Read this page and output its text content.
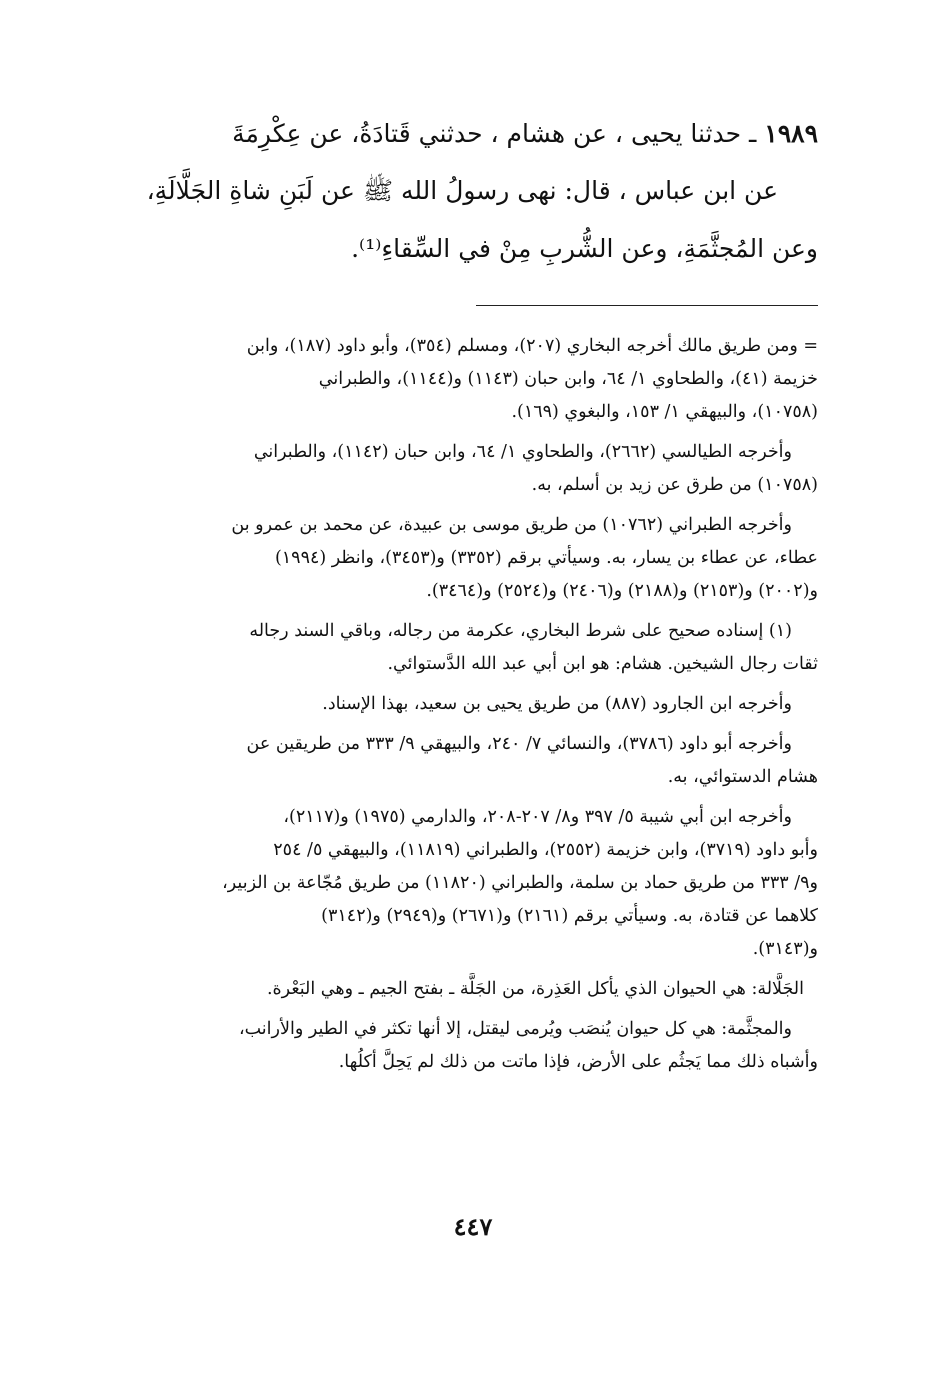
١٩٨٩ ـ حدثنا يحيى ، عن هشام ، حدثني قَتادَةُ، عن عِكْرِمَةَ

عن ابن عباس ، قال: نهى رسولُ الله ﷺ عن لَبَنِ شاةِ الجَلَّالَةِ،

وعن المُجثَّمَةِ، وعن الشُّربِ مِنْ في السِّقاءِ⁽¹⁾.

= ومن طريق مالك أخرجه البخاري (٢٠٧)، ومسلم (٣٥٤)، وأبو داود (١٨٧)، وابن

خزيمة (٤١)، والطحاوي ١/ ٦٤، وابن حبان (١١٤٣) و(١١٤٤)، والطبراني

(١٠٧٥٨)، والبيهقي ١/ ١٥٣، والبغوي (١٦٩).

وأخرجه الطيالسي (٢٦٦٢)، والطحاوي ١/ ٦٤، وابن حبان (١١٤٢)، والطبراني

(١٠٧٥٨) من طرق عن زيد بن أسلم، به.

وأخرجه الطبراني (١٠٧٦٢) من طريق موسى بن عبيدة، عن محمد بن عمرو بن

عطاء، عن عطاء بن يسار، به. وسيأتي برقم (٣٣٥٢) و(٣٤٥٣)، وانظر (١٩٩٤)

و(٢٠٠٢) و(٢١٥٣) و(٢١٨٨) و(٢٤٠٦) و(٢٥٢٤) و(٣٤٦٤).

(١) إسناده صحيح على شرط البخاري، عكرمة من رجاله، وباقي السند رجاله

ثقات رجال الشيخين. هشام: هو ابن أبي عبد الله الدَّستوائي.

وأخرجه ابن الجارود (٨٨٧) من طريق يحيى بن سعيد، بهذا الإسناد.

وأخرجه أبو داود (٣٧٨٦)، والنسائي ٧/ ٢٤٠، والبيهقي ٩/ ٣٣٣ من طريقين عن

هشام الدستوائي، به.

وأخرجه ابن أبي شيبة ٥/ ٣٩٧ و٨/ ٢٠٧-٢٠٨، والدارمي (١٩٧٥) و(٢١١٧)،

وأبو داود (٣٧١٩)، وابن خزيمة (٢٥٥٢)، والطبراني (١١٨١٩)، والبيهقي ٥/ ٢٥٤

و٩/ ٣٣٣ من طريق حماد بن سلمة، والطبراني (١١٨٢٠) من طريق مُجّاعة بن الزبير،

كلاهما عن قتادة، به. وسيأتي برقم (٢١٦١) و(٢٦٧١) و(٢٩٤٩) و(٣١٤٢)

و(٣١٤٣).

الجَلَّالة: هي الحيوان الذي يأكل العَذِرة، من الجَلَّة ـ بفتح الجيم ـ وهي البَعْرة.

والمجثَّمة: هي كل حيوان يُنصَب ويُرمى ليقتل، إلا أنها تكثر في الطير والأرانب،

وأشباه ذلك مما يَجثُم على الأرض، فإذا ماتت من ذلك لم يَحِلَّ أكلُها.

٤٤٧
